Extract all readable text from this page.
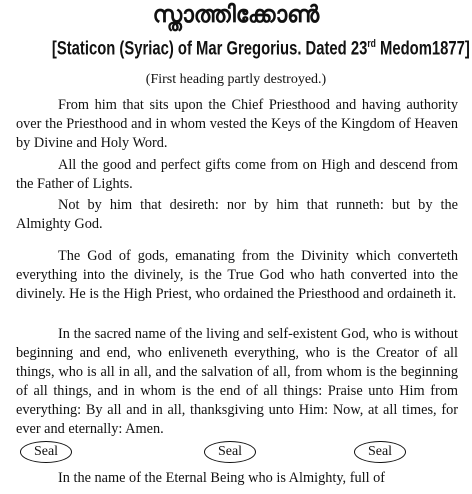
സ്താത്തിക്കോൺ
[Staticon (Syriac) of Mar Gregorius. Dated 23rd Medom1877]
(First heading partly destroyed.)

From him that sits upon the Chief Priesthood and having authority over the Priesthood and in whom vested the Keys of the Kingdom of Heaven by Divine and Holy Word.

All the good and perfect gifts come from on High and descend from the Father of Lights.

Not by him that desireth: nor by him that runneth: but by the Almighty God.

The God of gods, emanating from the Divinity which converteth everything into the divinely, is the True God who hath converted into the divinely. He is the High Priest, who ordained the Priesthood and ordaineth it.

In the sacred name of the living and self-existent God, who is without beginning and end, who enliveneth everything, who is the Creator of all things, who is all in all, and the salvation of all, from whom is the beginning of all things, and in whom is the end of all things: Praise unto Him from everything: By all and in all, thanksgiving unto Him: Now, at all times, for ever and eternally: Amen.

Seal	Seal	Seal

In the name of the Eternal Being who is Almighty, full of
